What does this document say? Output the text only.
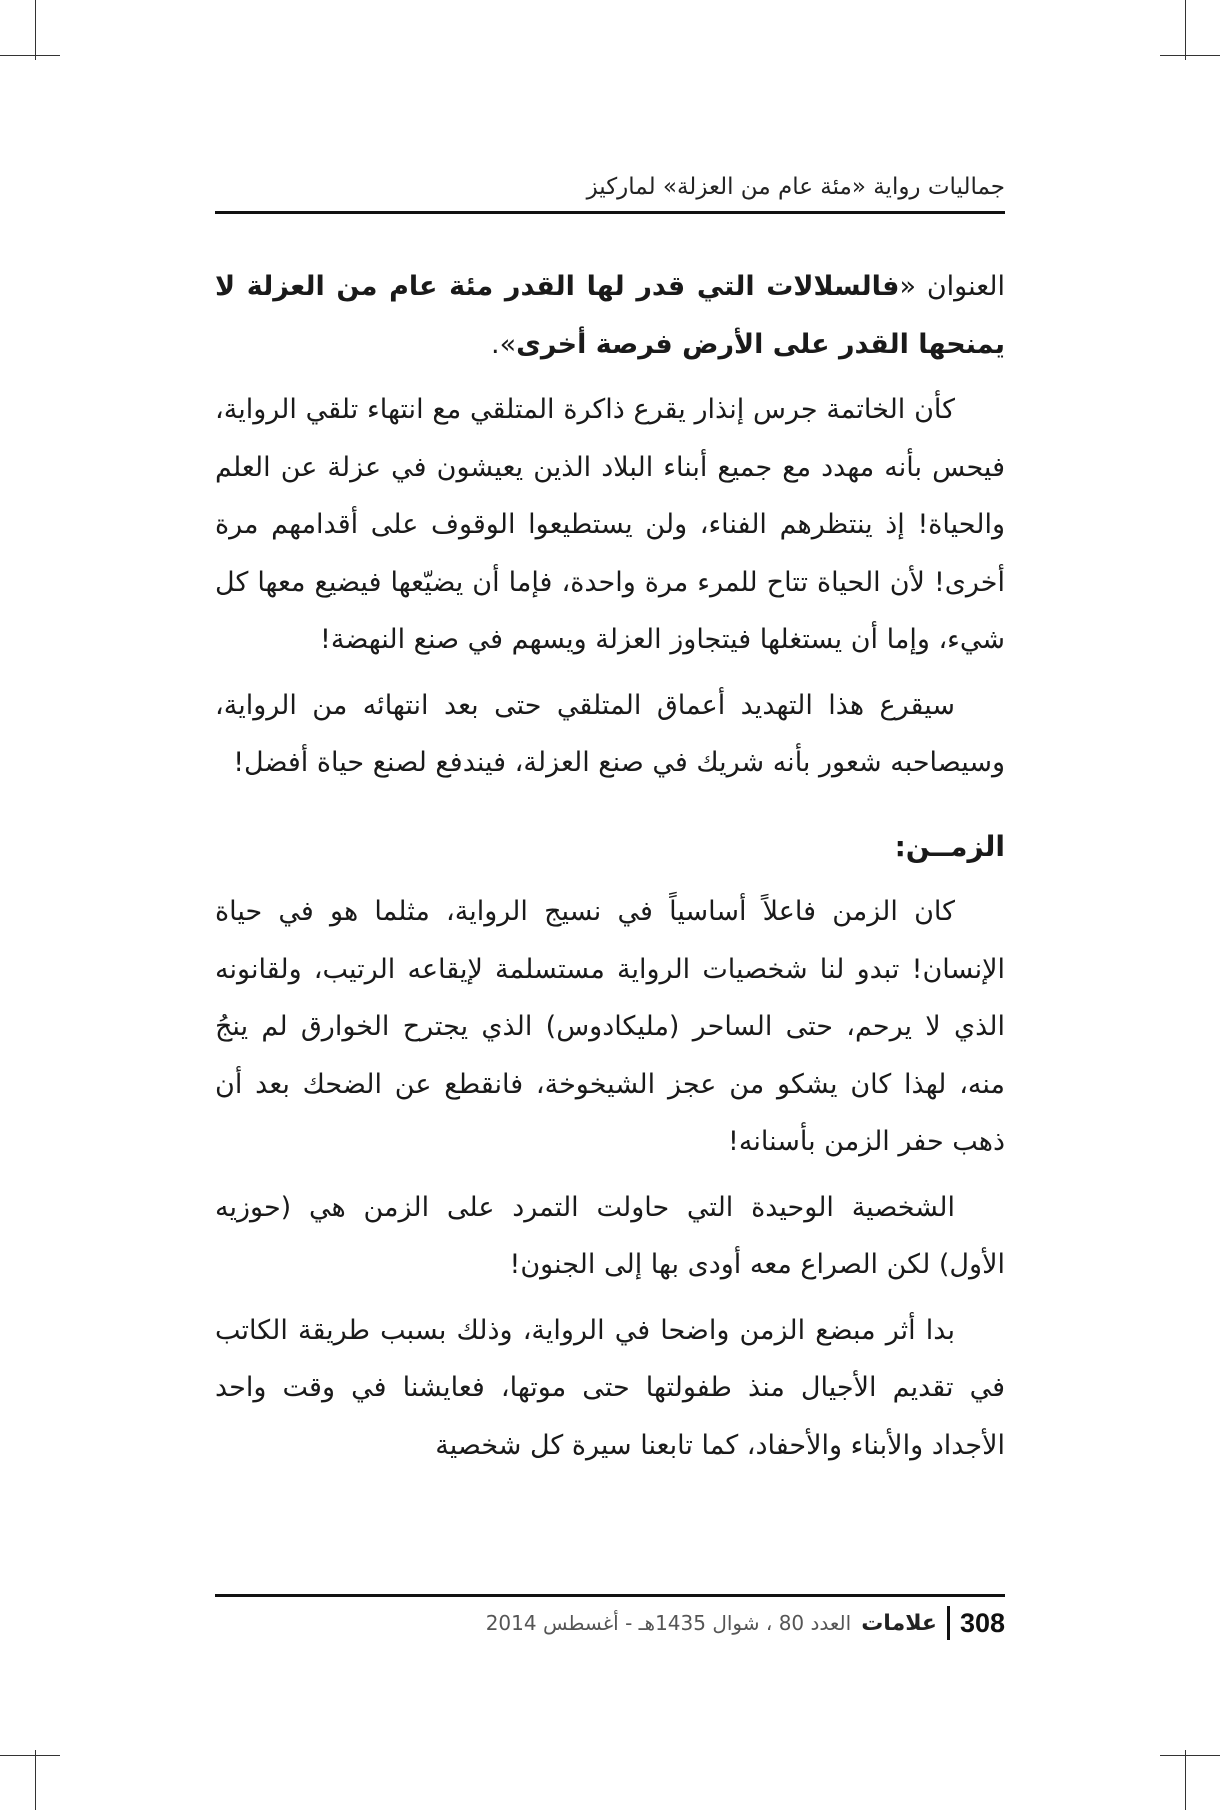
جماليات رواية «مئة عام من العزلة» لماركيز

العنوان «فالسلالات التي قدر لها القدر مئة عام من العزلة لا يمنحها القدر على الأرض فرصة أخرى».

كأن الخاتمة جرس إنذار يقرع ذاكرة المتلقي مع انتهاء تلقي الرواية، فيحس بأنه مهدد مع جميع أبناء البلاد الذين يعيشون في عزلة عن العلم والحياة! إذ ينتظرهم الفناء، ولن يستطيعوا الوقوف على أقدامهم مرة أخرى! لأن الحياة تتاح للمرء مرة واحدة، فإما أن يضيّعها فيضيع معها كل شيء، وإما أن يستغلها فيتجاوز العزلة ويسهم في صنع النهضة!

سيقرع هذا التهديد أعماق المتلقي حتى بعد انتهائه من الرواية، وسيصاحبه شعور بأنه شريك في صنع العزلة، فيندفع لصنع حياة أفضل!

الزمــن:

كان الزمن فاعلاً أساسياً في نسيج الرواية، مثلما هو في حياة الإنسان! تبدو لنا شخصيات الرواية مستسلمة لإيقاعه الرتيب، ولقانونه الذي لا يرحم، حتى الساحر (مليكادوس) الذي يجترح الخوارق لم ينجُ منه، لهذا كان يشكو من عجز الشيخوخة، فانقطع عن الضحك بعد أن ذهب حفر الزمن بأسنانه!

الشخصية الوحيدة التي حاولت التمرد على الزمن هي (حوزيه الأول) لكن الصراع معه أودى بها إلى الجنون!

بدا أثر مبضع الزمن واضحا في الرواية، وذلك بسبب طريقة الكاتب في تقديم الأجيال منذ طفولتها حتى موتها، فعايشنا في وقت واحد الأجداد والأبناء والأحفاد، كما تابعنا سيرة كل شخصية

308
علامات
العدد 80 ، شوال 1435هـ - أغسطس 2014
